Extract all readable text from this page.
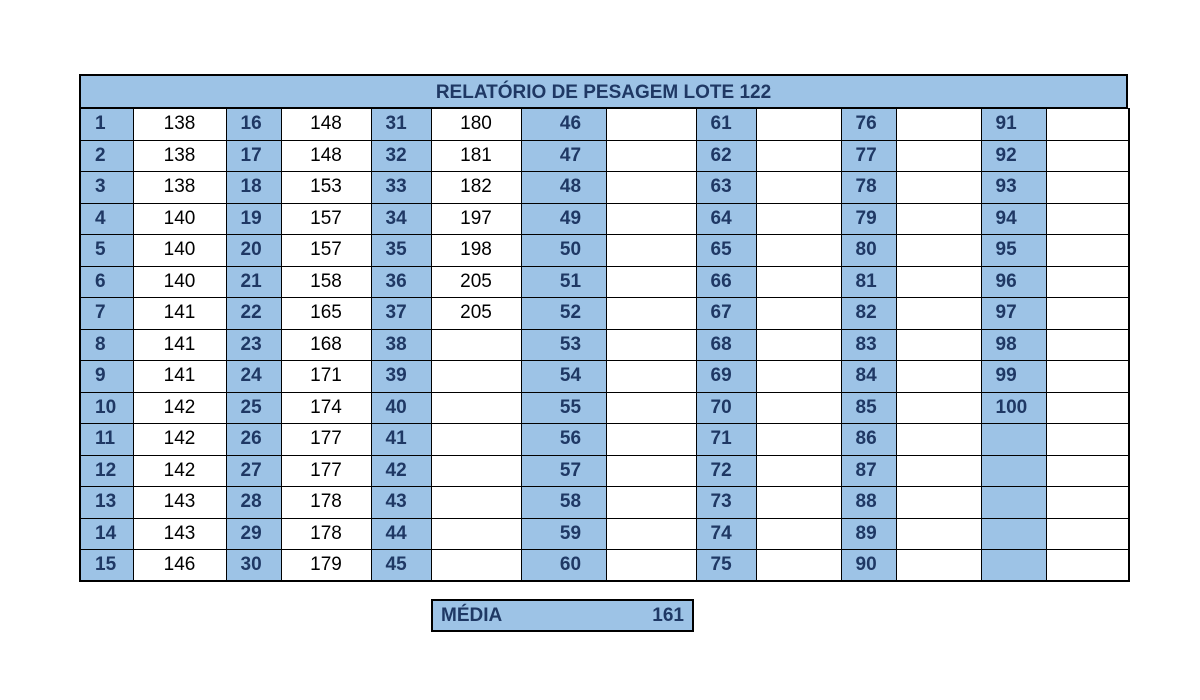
RELATÓRIO DE PESAGEM LOTE 122
1	138	16	148	31	180	46		61		76		91	
2	138	17	148	32	181	47		62		77		92	
3	138	18	153	33	182	48		63		78		93	
4	140	19	157	34	197	49		64		79		94	
5	140	20	157	35	198	50		65		80		95	
6	140	21	158	36	205	51		66		81		96	
7	141	22	165	37	205	52		67		82		97	
8	141	23	168	38		53		68		83		98	
9	141	24	171	39		54		69		84		99	
10	142	25	174	40		55		70		85		100	
11	142	26	177	41		56		71		86			
12	142	27	177	42		57		72		87			
13	143	28	178	43		58		73		88			
14	143	29	178	44		59		74		89			
15	146	30	179	45		60		75		90			
MÉDIA	161
